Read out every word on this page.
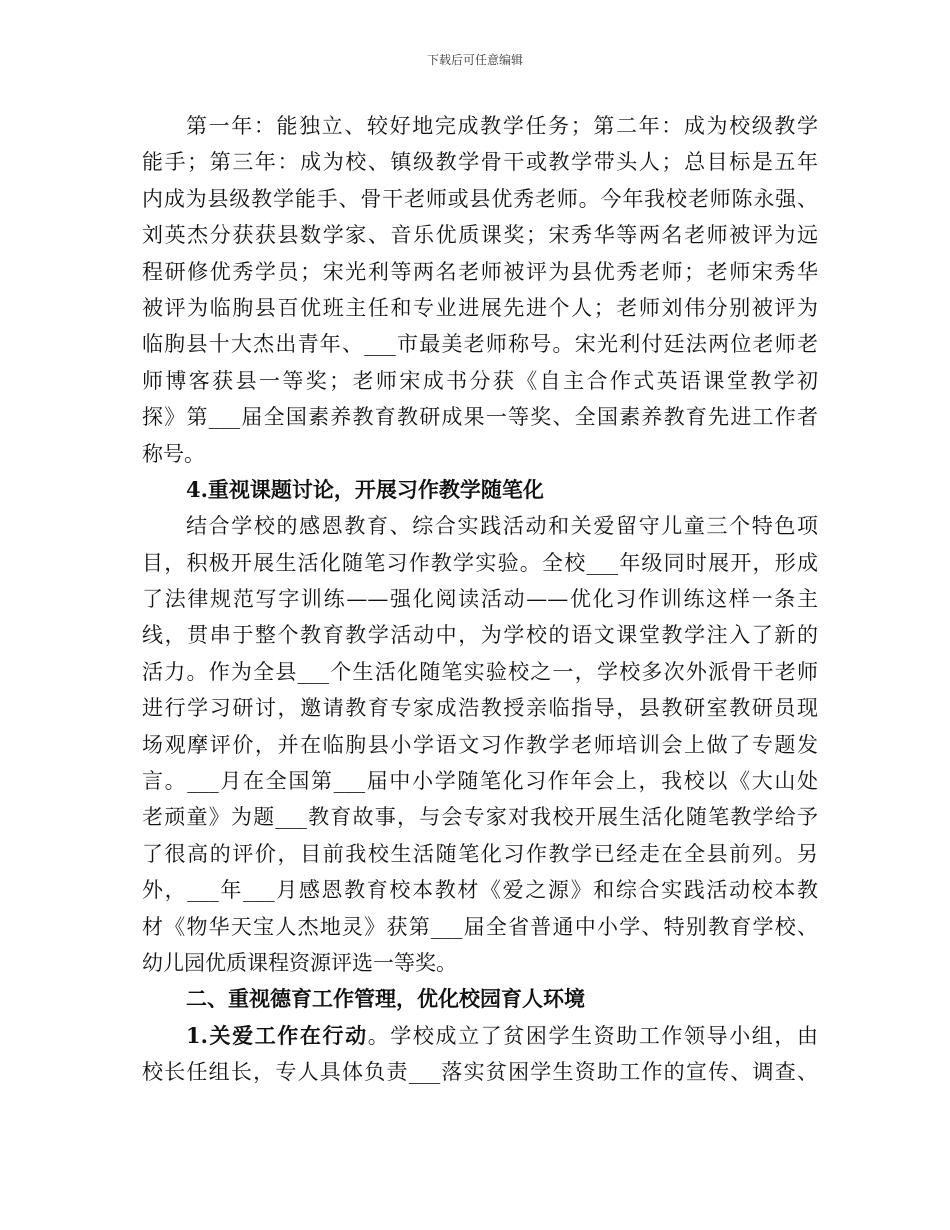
下载后可任意编辑
第一年：能独立、较好地完成教学任务；第二年：成为校级教学
能手；第三年：成为校、镇级教学骨干或教学带头人；总目标是五年
内成为县级教学能手、骨干老师或县优秀老师。今年我校老师陈永强、
刘英杰分获获县数学家、音乐优质课奖；宋秀华等两名老师被评为远
程研修优秀学员；宋光利等两名老师被评为县优秀老师；老师宋秀华
被评为临朐县百优班主任和专业进展先进个人；老师刘伟分别被评为
临朐县十大杰出青年、___市最美老师称号。宋光利付廷法两位老师老
师博客获县一等奖；老师宋成书分获《自主合作式英语课堂教学初
探》第___届全国素养教育教研成果一等奖、全国素养教育先进工作者
称号。
4.重视课题讨论，开展习作教学随笔化
结合学校的感恩教育、综合实践活动和关爱留守儿童三个特色项
目，积极开展生活化随笔习作教学实验。全校___年级同时展开，形成
了法律规范写字训练——强化阅读活动——优化习作训练这样一条主
线，贯串于整个教育教学活动中，为学校的语文课堂教学注入了新的
活力。作为全县___个生活化随笔实验校之一，学校多次外派骨干老师
进行学习研讨，邀请教育专家成浩教授亲临指导，县教研室教研员现
场观摩评价，并在临朐县小学语文习作教学老师培训会上做了专题发
言。___月在全国第___届中小学随笔化习作年会上，我校以《大山处
老顽童》为题___教育故事，与会专家对我校开展生活化随笔教学给予
了很高的评价，目前我校生活随笔化习作教学已经走在全县前列。另
外，___年___月感恩教育校本教材《爱之源》和综合实践活动校本教
材《物华天宝人杰地灵》获第___届全省普通中小学、特别教育学校、
幼儿园优质课程资源评选一等奖。
二、重视德育工作管理，优化校园育人环境
1.关爱工作在行动。学校成立了贫困学生资助工作领导小组，由
校长任组长，专人具体负责___落实贫困学生资助工作的宣传、调查、
